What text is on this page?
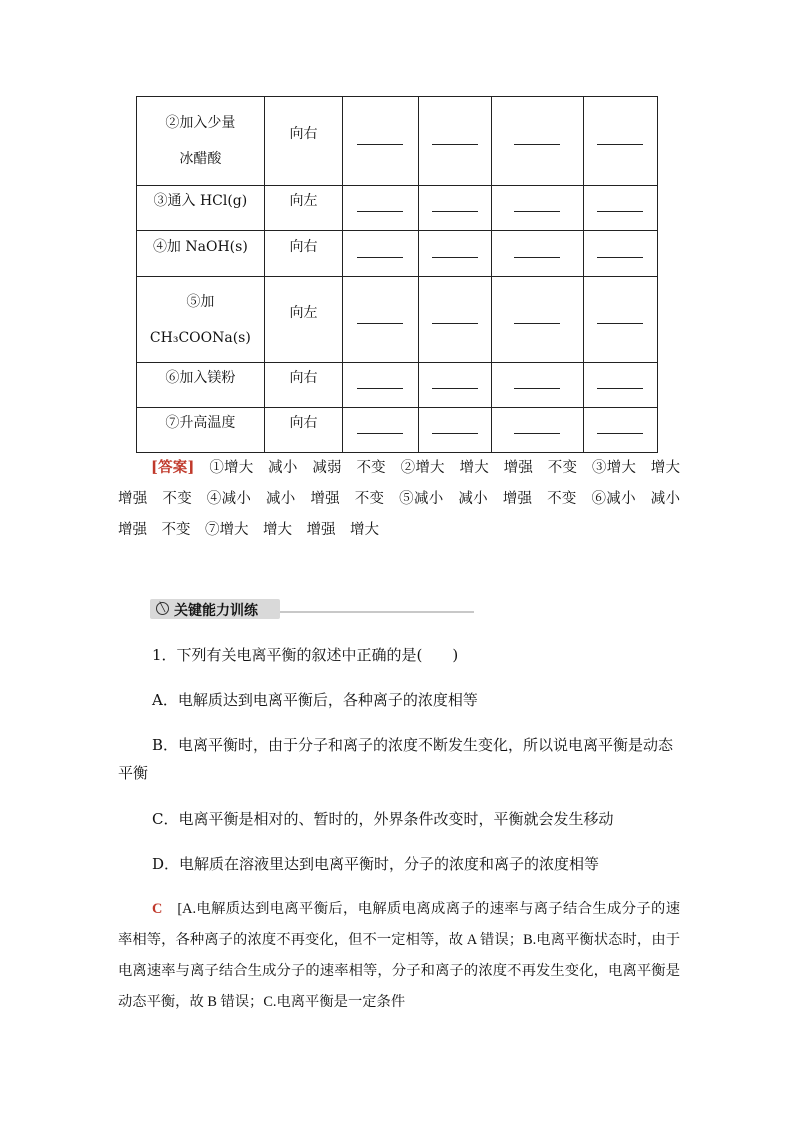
②加入少量
冰醋酸	向右				
③通入 HCl(g)	向左				
④加 NaOH(s)	向右				

⑤加
CH₃COONa(s)	向左				
⑥加入镁粉	向右				
⑦升高温度	向右				
[答案]　 ①增大　减小　减弱　不变　②增大　增大　增强　不变　③增大　增大　增强　不变　④减小　减小　增强　不变　⑤减小　减小　增强　不变　⑥减小　减小　增强　不变　⑦增大　增大　增强　增大
╲ 关键能力训练
1．下列有关电离平衡的叙述中正确的是(　　)
A．电解质达到电离平衡后，各种离子的浓度相等
B．电离平衡时，由于分子和离子的浓度不断发生变化，所以说电离平衡是动态平衡
C．电离平衡是相对的、暂时的，外界条件改变时，平衡就会发生移动
D．电解质在溶液里达到电离平衡时，分子的浓度和离子的浓度相等
C　 [A.电解质达到电离平衡后，电解质电离成离子的速率与离子结合生成分子的速率相等，各种离子的浓度不再变化，但不一定相等，故 A 错误；B.电离平衡状态时，由于电离速率与离子结合生成分子的速率相等，分子和离子的浓度不再发生变化，电离平衡是动态平衡，故 B 错误；C.电离平衡是一定条件
